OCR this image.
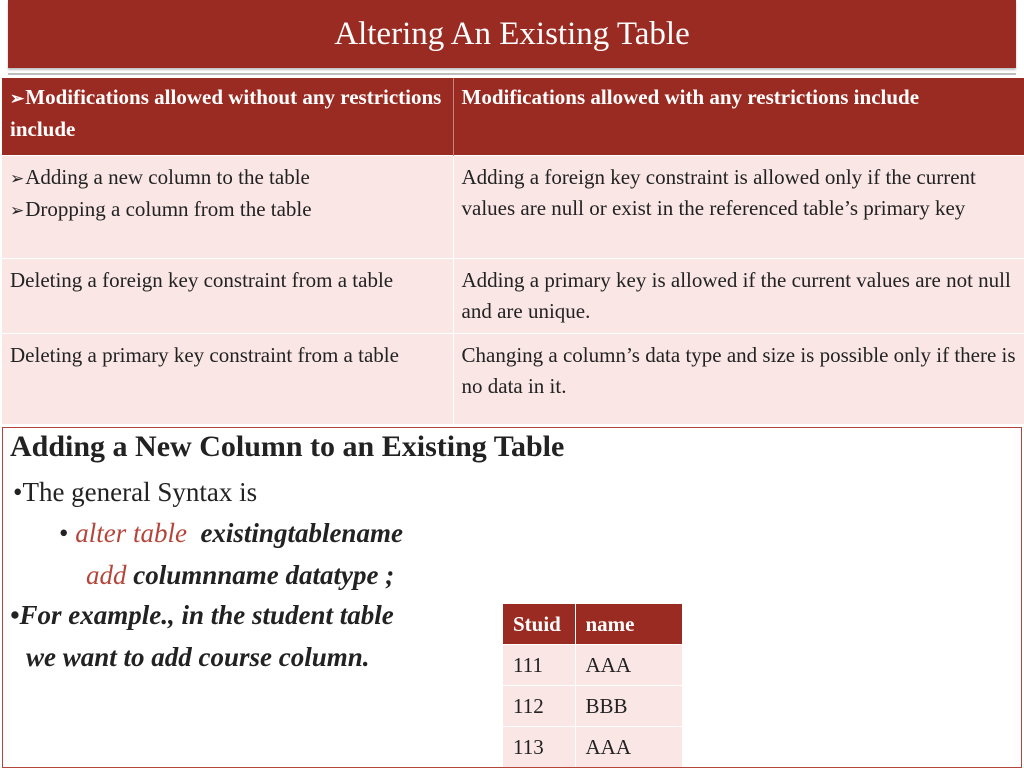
Altering An Existing Table
➢Modifications allowed without any restrictions include	Modifications allowed with any restrictions include

➢Adding a new column to the table
➢Dropping a column from the table	Adding a foreign key constraint is allowed only if the current values are null or exist in the referenced table’s primary key
Deleting a foreign key constraint from a table	Adding a primary key is allowed if the current values are not null and are unique.
Deleting a primary key constraint from a table	Changing a column’s data type and size is possible only if there is no data in it.
Adding a New Column to an Existing Table
•The general Syntax is
• alter table existingtablename
add columnname datatype ;
•For example., in the student table
we want to add course column.
Stuid	name
111	AAA
112	BBB
113	AAA
